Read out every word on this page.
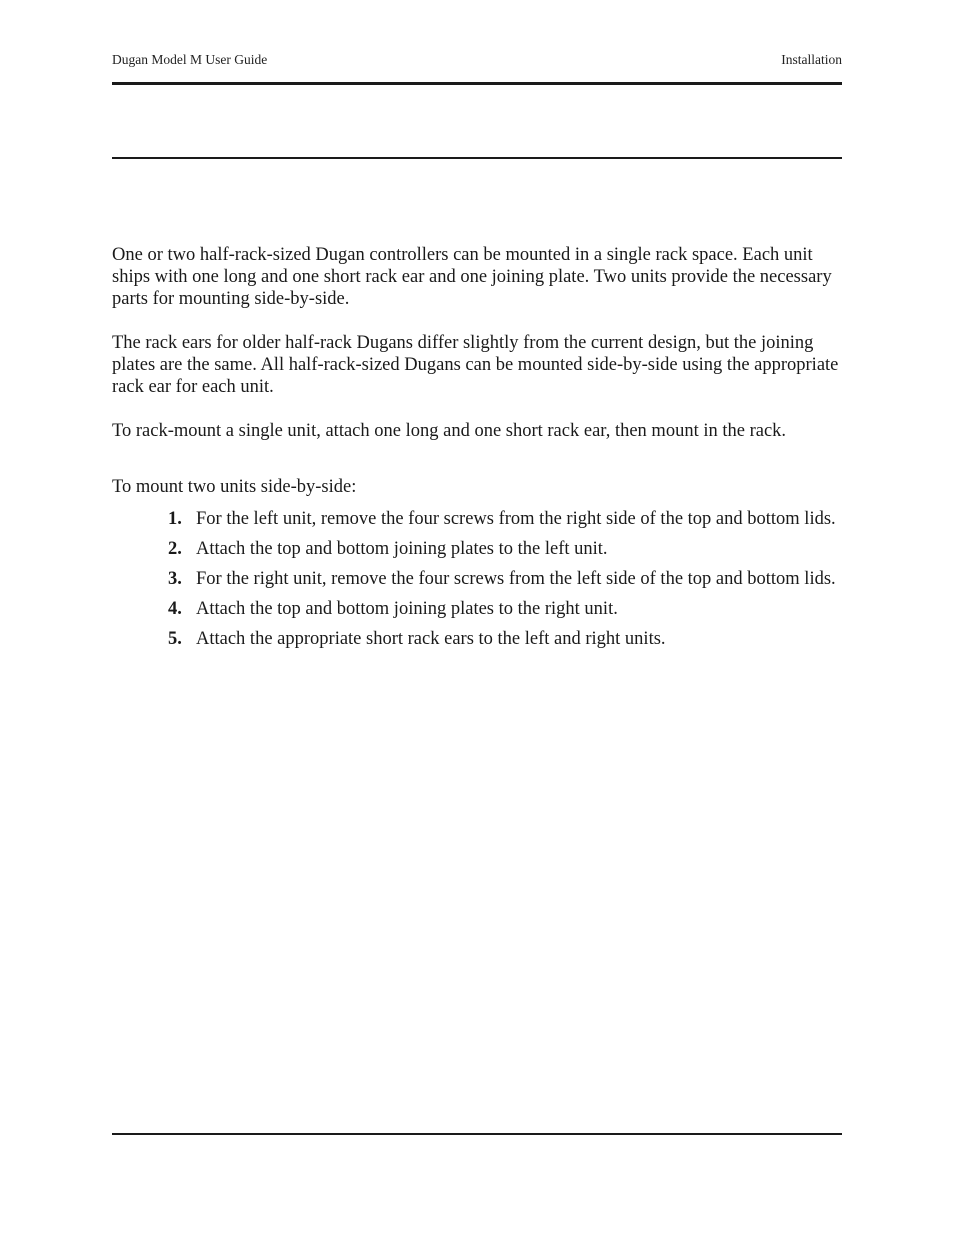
Dugan Model M User Guide	Installation

One or two half-rack-sized Dugan controllers can be mounted in a single rack space. Each unit ships with one long and one short rack ear and one joining plate. Two units provide the necessary parts for mounting side-by-side.

The rack ears for older half-rack Dugans differ slightly from the current design, but the joining plates are the same. All half-rack-sized Dugans can be mounted side-by-side using the appropriate rack ear for each unit.

To rack-mount a single unit, attach one long and one short rack ear, then mount in the rack.

To mount two units side-by-side:

1. For the left unit, remove the four screws from the right side of the top and bottom lids.
2. Attach the top and bottom joining plates to the left unit.
3. For the right unit, remove the four screws from the left side of the top and bottom lids.
4. Attach the top and bottom joining plates to the right unit.
5. Attach the appropriate short rack ears to the left and right units.
